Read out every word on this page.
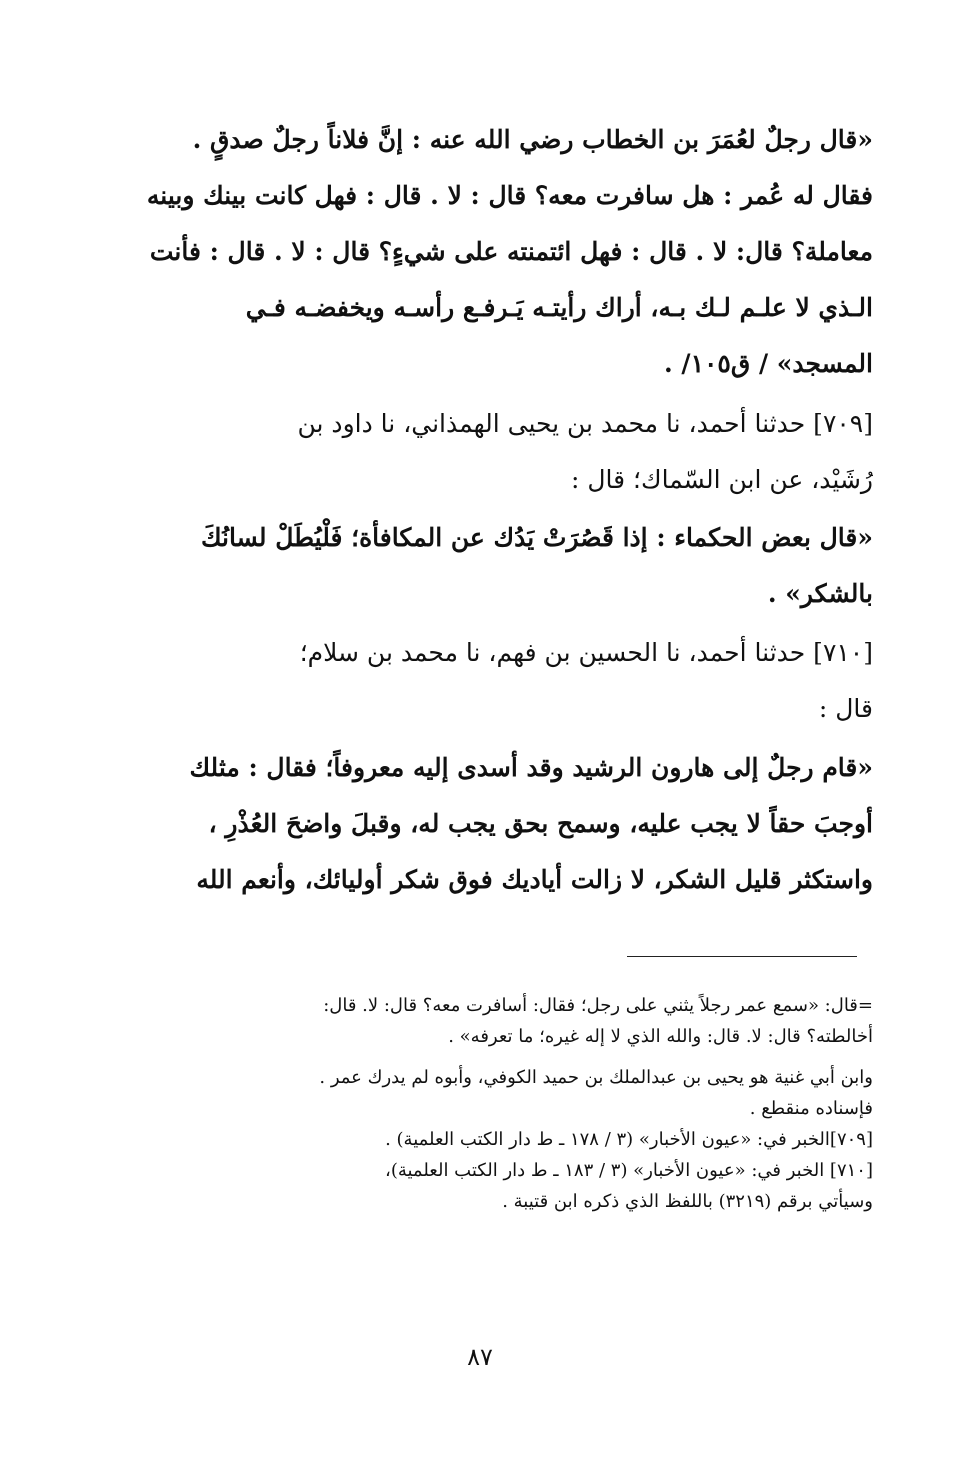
«قال رجلٌ لعُمَرَ بن الخطاب رضي الله عنه : إنَّ فلاناً رجلٌ صدقٍ .
فقال له عُمر : هل سافرت معه؟ قال : لا . قال : فهل كانت بينك وبينه
معاملة؟ قال: لا . قال : فهل ائتمنته على شيءٍ؟ قال : لا . قال : فأنت
الـذي لا علـم لـك بـه، أراك رأيتـه يَـرفـع رأسـه ويخفضـه فـي
المسجد» / ق١٠٥/ .
[٧٠٩] حدثنا أحمد، نا محمد بن يحيى الهمذاني، نا داود بن
رُشَيْد، عن ابن السّماك؛ قال :
«قال بعض الحكماء : إذا قَصُرَتْ يَدُك عن المكافأة؛ فَلْيُطَلْ لسانُكَ
بالشكر» .
[٧١٠] حدثنا أحمد، نا الحسين بن فهم، نا محمد بن سلام؛
قال :
«قام رجلٌ إلى هارون الرشيد وقد أسدى إليه معروفاً؛ فقال : مثلك
أوجبَ حقاً لا يجب عليه، وسمح بحق يجب له، وقبلَ واضحَ العُذْرِ ،
واستكثر قليل الشكر، لا زالت أياديك فوق شكر أوليائك، وأنعم الله
=قال: «سمع عمر رجلاً يثني على رجل؛ فقال: أسافرت معه؟ قال: لا. قال:
أخالطته؟ قال: لا. قال: والله الذي لا إله غيره؛ ما تعرفه» .
وابن أبي غنية هو يحيى بن عبدالملك بن حميد الكوفي، وأبوه لم يدرك عمر .
فإسناده منقطع .
[٧٠٩]الخبر في: «عيون الأخبار» (٣ / ١٧٨ ـ ط دار الكتب العلمية) .
[٧١٠] الخبر في: «عيون الأخبار» (٣ / ١٨٣ ـ ط دار الكتب العلمية)،
وسيأتي برقم (٣٢١٩) باللفظ الذي ذكره ابن قتيبة .
٨٧
